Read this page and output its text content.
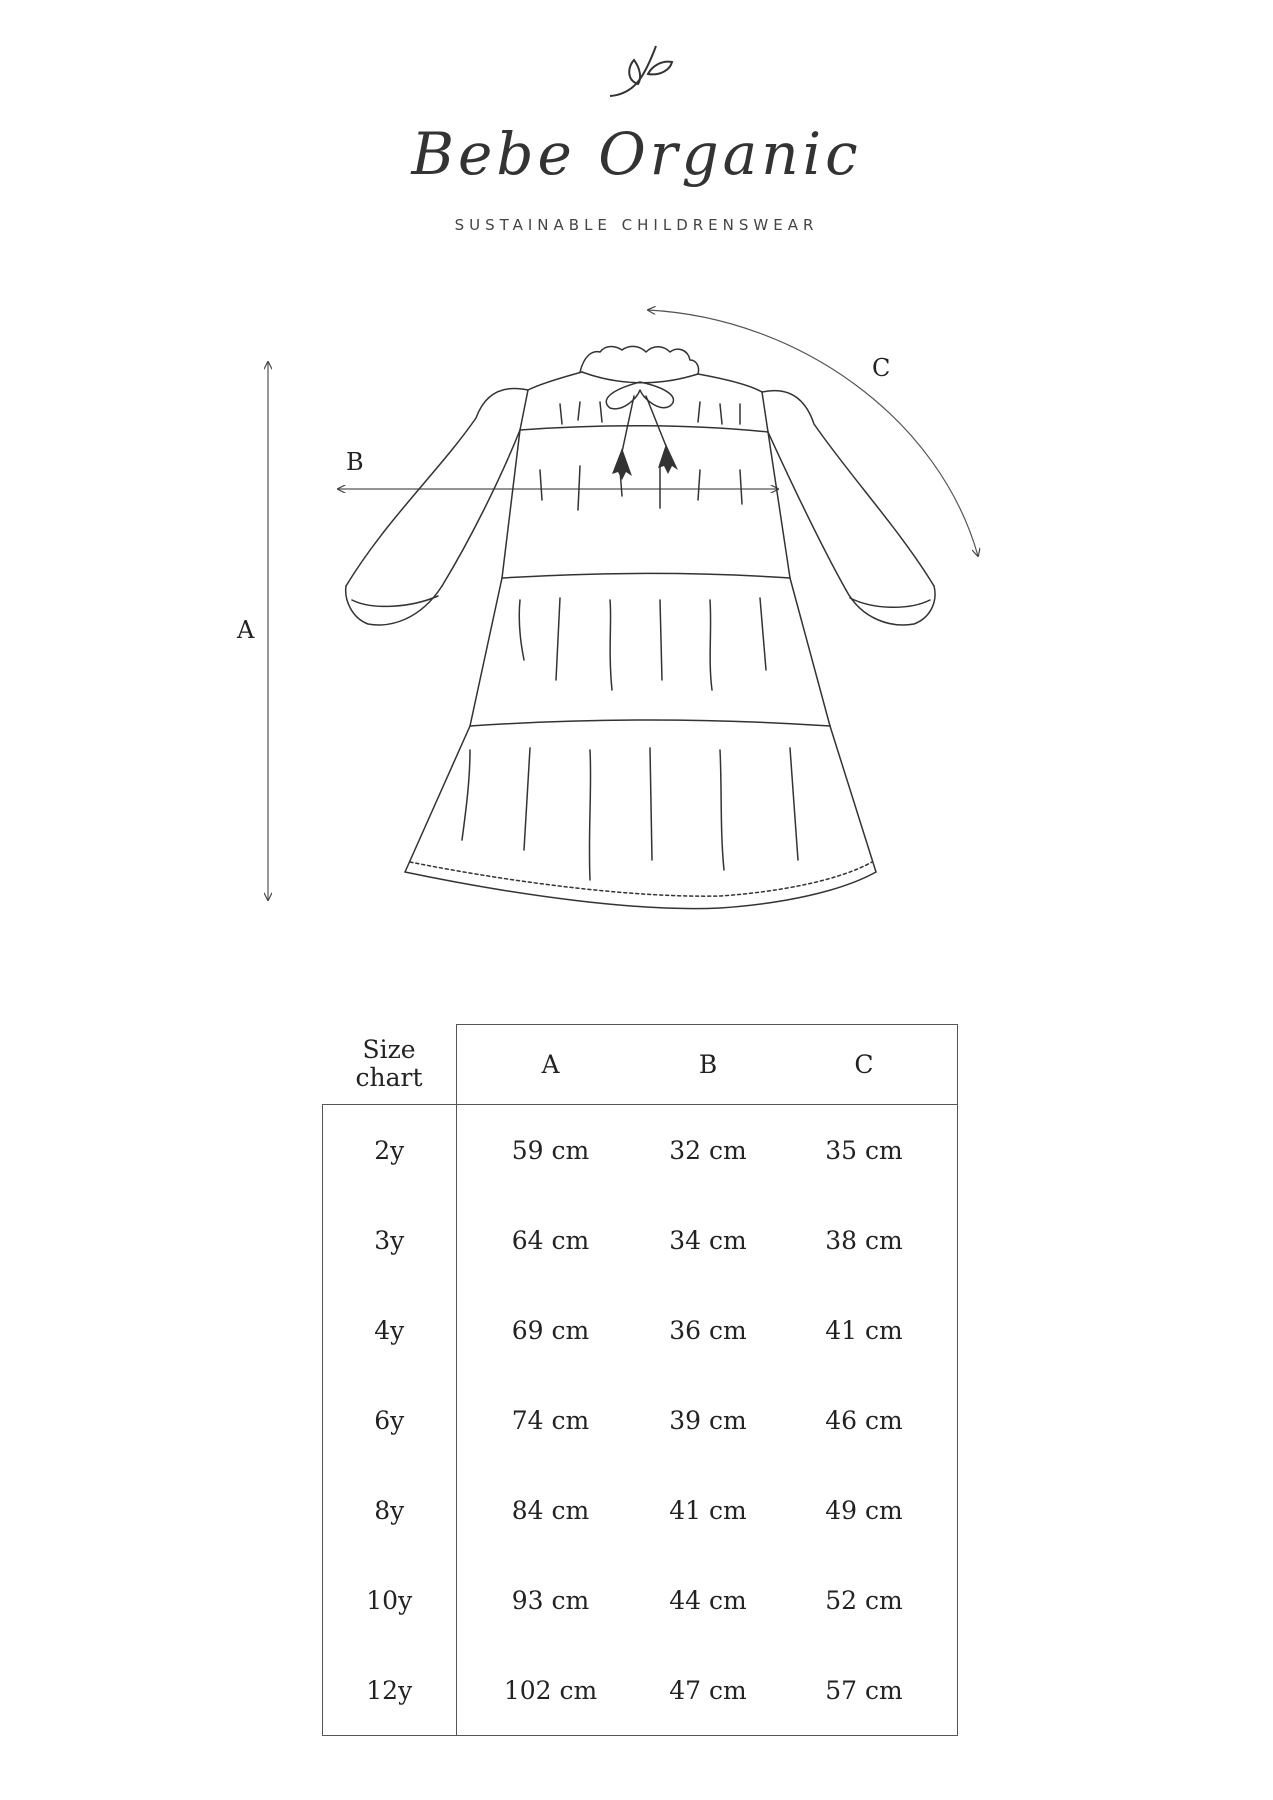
Bebe Organic
SUSTAINABLE CHILDRENSWEAR
A
B
C
Size
chart	A	B	C
2y	59 cm	32 cm	35 cm
3y	64 cm	34 cm	38 cm
4y	69 cm	36 cm	41 cm
6y	74 cm	39 cm	46 cm
8y	84 cm	41 cm	49 cm
10y	93 cm	44 cm	52 cm
12y	102 cm	47 cm	57 cm
